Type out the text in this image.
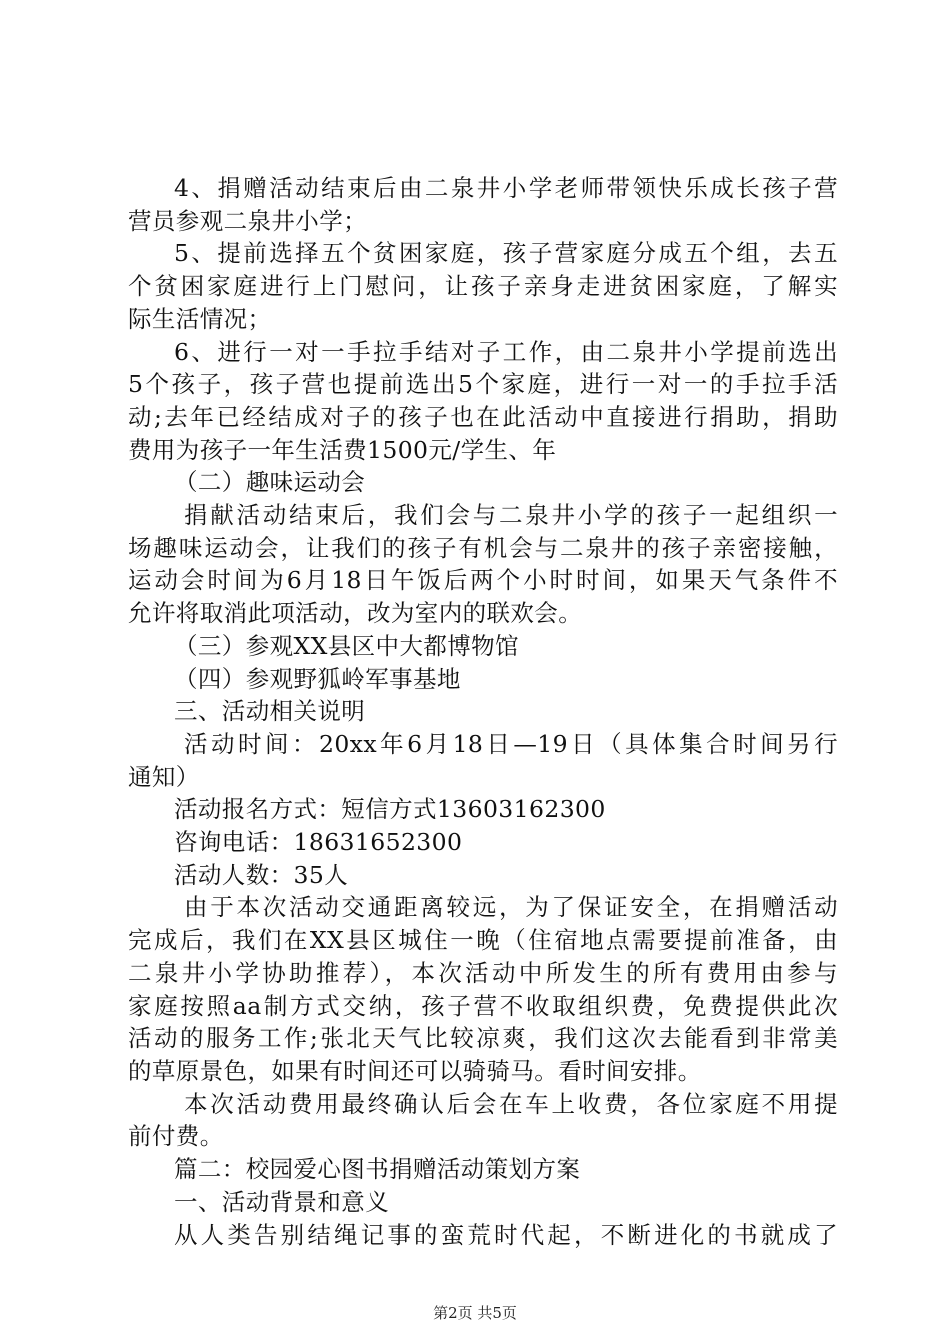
4、捐赠活动结束后由二泉井小学老师带领快乐成长孩子营
营员参观二泉井小学；
5、提前选择五个贫困家庭，孩子营家庭分成五个组，去五
个贫困家庭进行上门慰问，让孩子亲身走进贫困家庭，了解实
际生活情况；
6、进行一对一手拉手结对子工作，由二泉井小学提前选出
5个孩子，孩子营也提前选出5个家庭，进行一对一的手拉手活
动;去年已经结成对子的孩子也在此活动中直接进行捐助，捐助
费用为孩子一年生活费1500元/学生、年
（二）趣味运动会
捐献活动结束后，我们会与二泉井小学的孩子一起组织一
场趣味运动会，让我们的孩子有机会与二泉井的孩子亲密接触，
运动会时间为6月18日午饭后两个小时时间，如果天气条件不
允许将取消此项活动，改为室内的联欢会。
（三）参观XX县区中大都博物馆
（四）参观野狐岭军事基地
三、活动相关说明
活动时间：20xx年6月18日—19日（具体集合时间另行
通知）
活动报名方式：短信方式13603162300
咨询电话：18631652300
活动人数：35人
由于本次活动交通距离较远，为了保证安全，在捐赠活动
完成后，我们在XX县区城住一晚（住宿地点需要提前准备，由
二泉井小学协助推荐），本次活动中所发生的所有费用由参与
家庭按照aa制方式交纳，孩子营不收取组织费，免费提供此次
活动的服务工作;张北天气比较凉爽，我们这次去能看到非常美
的草原景色，如果有时间还可以骑骑马。看时间安排。
本次活动费用最终确认后会在车上收费，各位家庭不用提
前付费。
篇二：校园爱心图书捐赠活动策划方案
一、活动背景和意义
从人类告别结绳记事的蛮荒时代起，不断进化的书就成了
第2页 共5页
